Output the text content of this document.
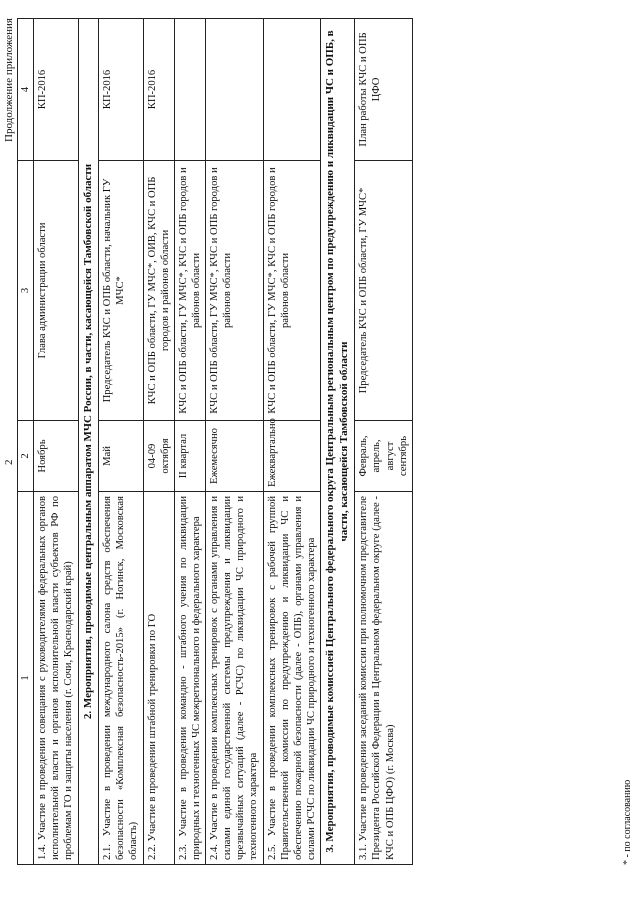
Продолжение приложения
2
1	2	3	4
1.4. Участие в проведении совещания с руководителями федеральных органов исполнительной власти и органов исполнительной власти субъектов РФ по проблемам ГО и защиты населения (г. Сочи, Краснодарский край)	Ноябрь	Глава администрации области	КП-2016
2. Мероприятия, проводимые центральным аппаратом МЧС России, в части, касающейся Тамбовской области			
2.1. Участие в проведении международного салона средств обеспечения безопасности «Комплексная безопасность-2015» (г. Ногинск, Московская область)	Май	Председатель КЧС и ОПБ области, начальник ГУ МЧС*	КП-2016
2.2. Участие в проведении штабной тренировки по ГО	04-09 октября	КЧС и ОПБ области, ГУ МЧС*, ОИВ, КЧС и ОПБ городов и районов области	КП-2016
2.3. Участие в проведении командно - штабного учения по ликвидации природных и техногенных ЧС межрегионального и федерального характера	II квартал	КЧС и ОПБ области, ГУ МЧС*, КЧС и ОПБ городов и районов области	
2.4. Участие в проведении комплексных тренировок с органами управления и силами единой государственной системы предупреждения и ликвидации чрезвычайных ситуаций (далее - РСЧС) по ликвидации ЧС природного и техногенного характера	Ежемесячно	КЧС и ОПБ области, ГУ МЧС*, КЧС и ОПБ городов и районов области	
2.5. Участие в проведении комплексных тренировок с рабочей группой Правительственной комиссии по предупреждению и ликвидации ЧС и обеспечению пожарной безопасности (далее - ОПБ), органами управления и силами РСЧС по ликвидации ЧС природного и техногенного характера	Ежеквартально	КЧС и ОПБ области, ГУ МЧС*, КЧС и ОПБ городов и районов области	
3. Мероприятия, проводимые комиссией Центрального федерального округа Центральным региональным центром по предупреждению и ликвидации ЧС и ОПБ, в части, касающейся Тамбовской области			
3.1. Участие в проведении заседаний комиссии при полномочном представителе Президента Российской Федерации в Центральном федеральном округе (далее - КЧС и ОПБ ЦФО) (г. Москва)	Февраль, апрель, август сентябрь	Председатель КЧС и ОПБ области, ГУ МЧС*	План работы КЧС и ОПБ ЦФО
* - по согласованию
